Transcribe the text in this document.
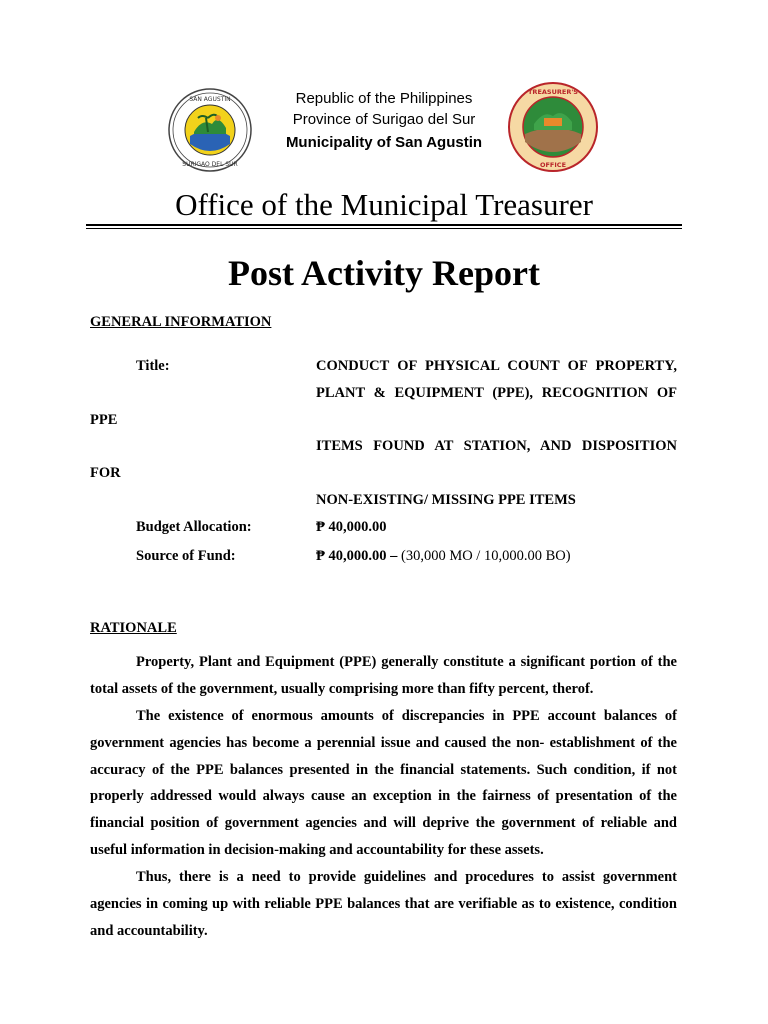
SAN AGUSTIN
SURIGAO DEL SUR
Republic of the Philippines
Province of Surigao del Sur
Municipality of San Agustin
TREASURER'S
OFFICE
Office of the Municipal Treasurer
Post Activity Report
GENERAL INFORMATION
Title:	CONDUCT OF PHYSICAL COUNT OF PROPERTY,
PLANT & EQUIPMENT (PPE), RECOGNITION OF
PPE
ITEMS FOUND AT STATION, AND DISPOSITION
FOR
NON-EXISTING/ MISSING PPE ITEMS
Budget Allocation:	₱ 40,000.00
Source of Fund:	₱ 40,000.00 – (30,000 MO / 10,000.00 BO)
RATIONALE
Property, Plant and Equipment (PPE) generally constitute a significant portion of the total assets of the government, usually comprising more than fifty percent, therof.
The existence of enormous amounts of discrepancies in PPE account balances of government agencies has become a perennial issue and caused the non- establishment of the accuracy of the PPE balances presented in the financial statements. Such condition, if not properly addressed would always cause an exception in the fairness of presentation of the financial position of government agencies and will deprive the government of reliable and useful information in decision-making and accountability for these assets.
Thus, there is a need to provide guidelines and procedures to assist government agencies in coming up with reliable PPE balances that are verifiable as to existence, condition and accountability.
